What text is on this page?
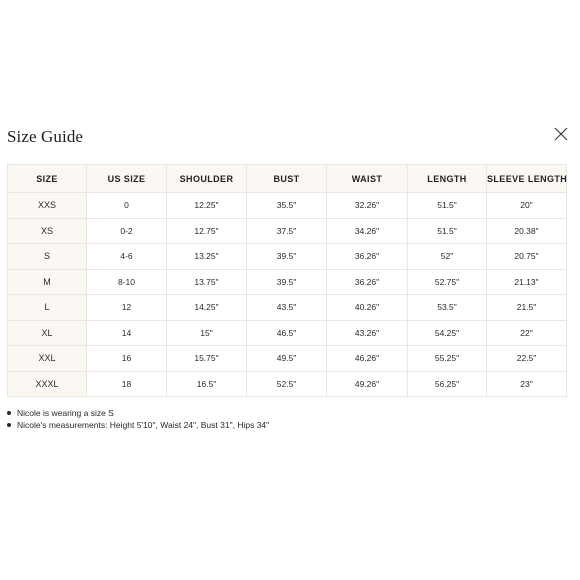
Size Guide
SIZE	US SIZE	SHOULDER	BUST	WAIST	LENGTH	SLEEVE LENGTH
XXS	0	12.25"	35.5"	32.26"	51.5"	20"
XS	0-2	12.75"	37.5"	34.26"	51.5"	20.38"
S	4-6	13.25"	39.5"	36.26"	52"	20.75"
M	8-10	13.75"	39.5"	36.26"	52.75"	21.13"
L	12	14.25"	43.5"	40.26"	53.5"	21.5"
XL	14	15"	46.5"	43.26"	54.25"	22"
XXL	16	15.75"	49.5"	46.26"	55.25"	22.5"
XXXL	18	16.5"	52.5"	49.26"	56.25"	23"
Nicole is wearing a size S
Nicole's measurements: Height 5'10", Waist 24", Bust 31", Hips 34"
